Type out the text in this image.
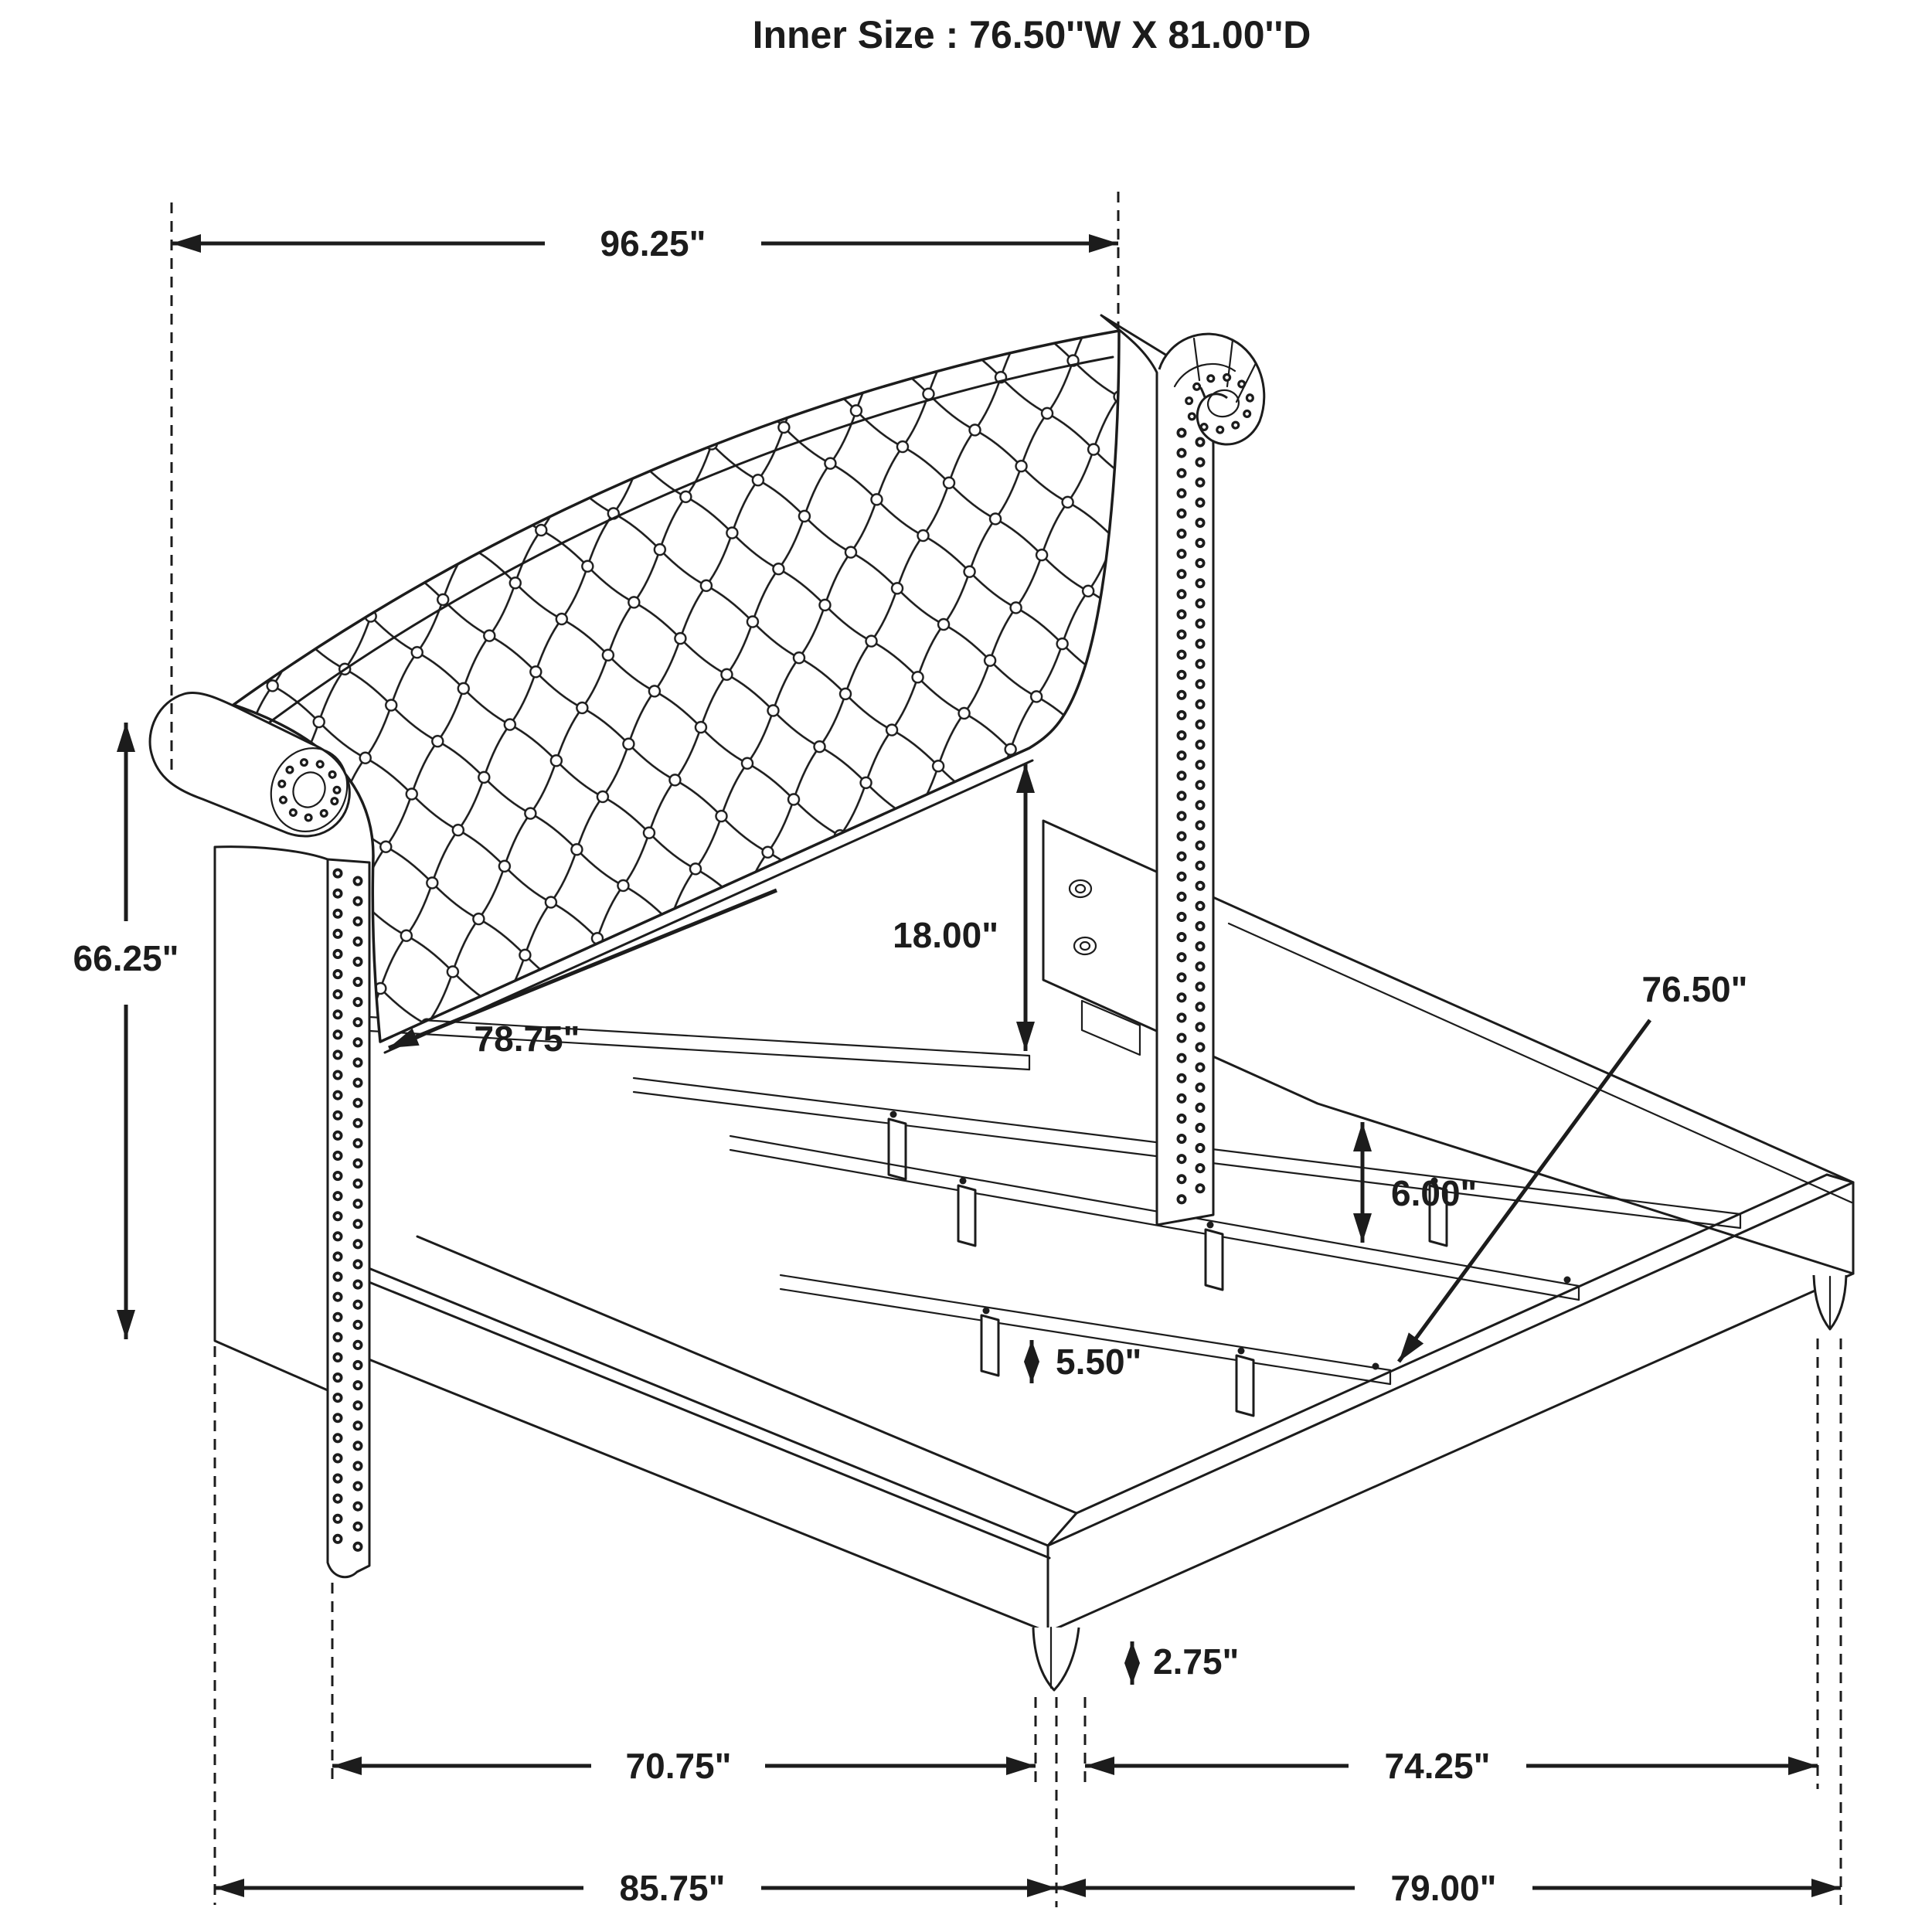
96.25"
66.25"
18.00"
78.75"
76.50"
6.00"
5.50"
2.75"
70.75"	74.25"
85.75"	79.00"
Inner Size : 76.50''W X 81.00''D
